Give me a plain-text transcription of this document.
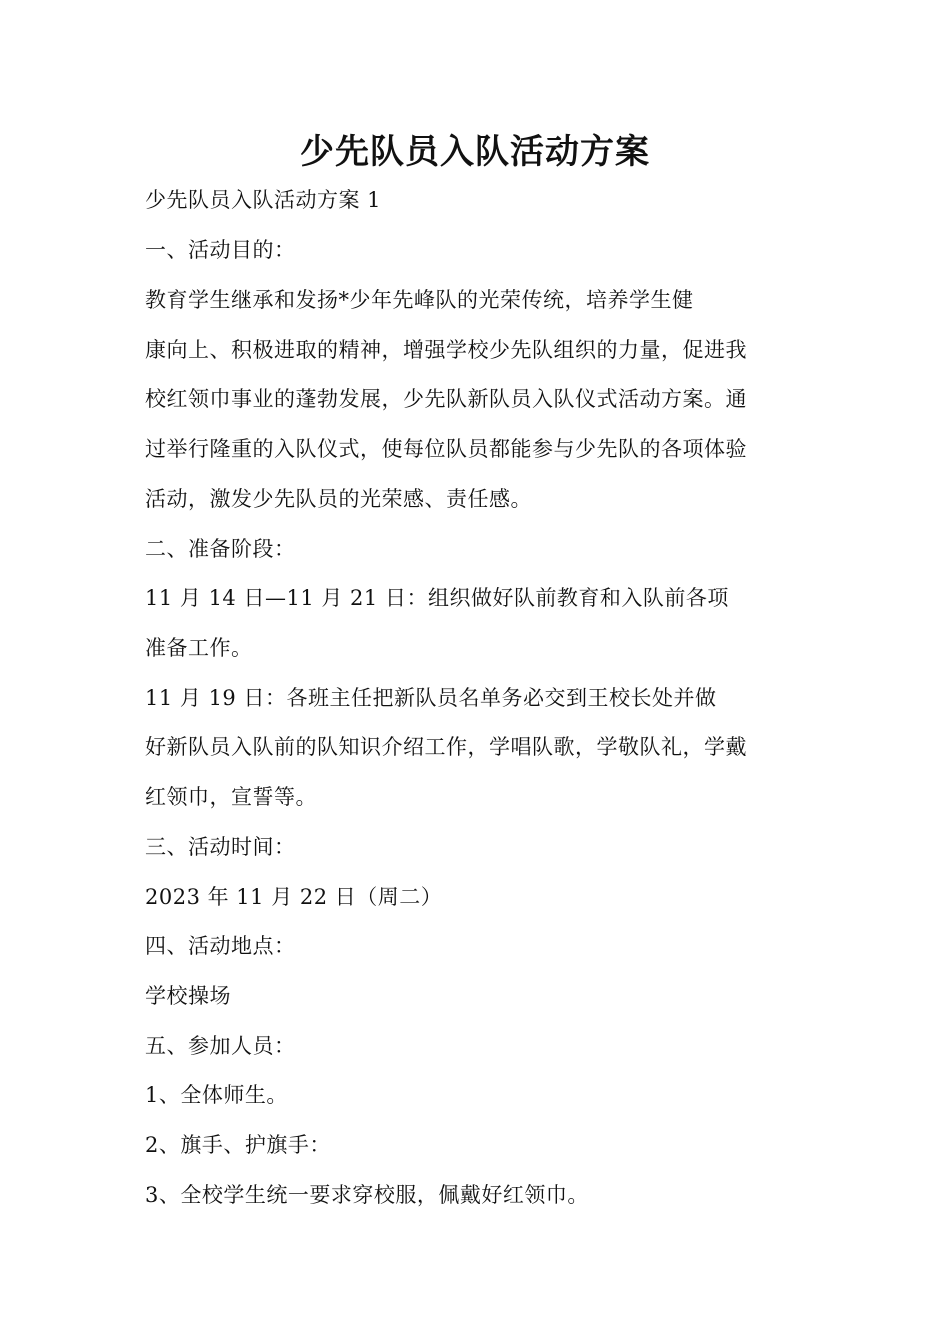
少先队员入队活动方案
少先队员入队活动方案 1
一、活动目的：
教育学生继承和发扬*少年先峰队的光荣传统，培养学生健
康向上、积极进取的精神，增强学校少先队组织的力量，促进我
校红领巾事业的蓬勃发展，少先队新队员入队仪式活动方案。通
过举行隆重的入队仪式，使每位队员都能参与少先队的各项体验
活动，激发少先队员的光荣感、责任感。
二、准备阶段：
11 月 14 日—11 月 21 日：组织做好队前教育和入队前各项
准备工作。
11 月 19 日：各班主任把新队员名单务必交到王校长处并做
好新队员入队前的队知识介绍工作，学唱队歌，学敬队礼，学戴
红领巾，宣誓等。
三、活动时间：
2023 年 11 月 22 日（周二）
四、活动地点：
学校操场
五、参加人员：
1、全体师生。
2、旗手、护旗手：
3、全校学生统一要求穿校服，佩戴好红领巾。
